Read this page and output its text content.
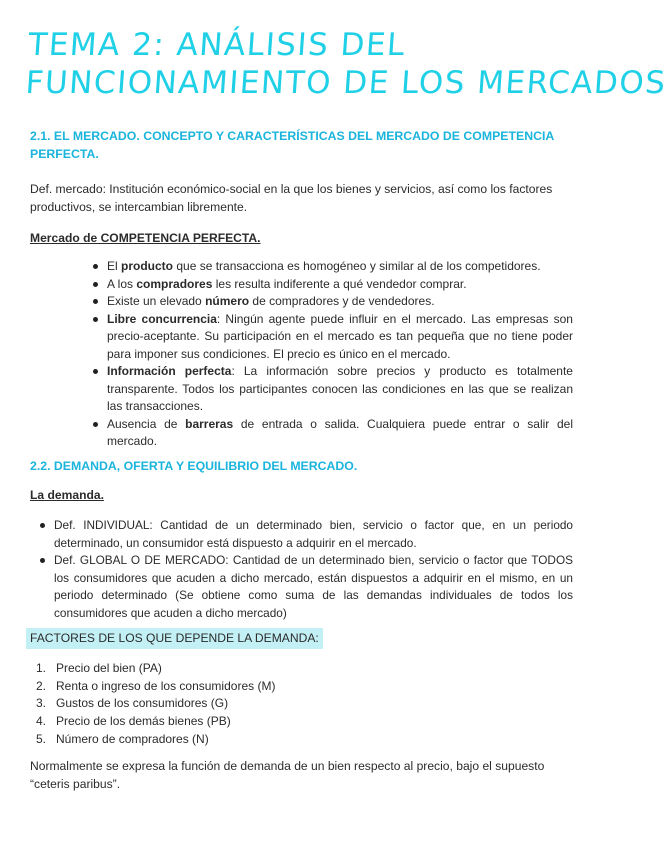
TEMA 2: ANÁLISIS DEL
FUNCIONAMIENTO DE LOS MERCADOS
2.1. EL MERCADO. CONCEPTO Y CARACTERÍSTICAS DEL MERCADO DE COMPETENCIA
PERFECTA.
Def. mercado: Institución económico-social en la que los bienes y servicios, así como los factores productivos, se intercambian libremente.
Mercado de COMPETENCIA PERFECTA.
El producto que se transacciona es homogéneo y similar al de los competidores.
A los compradores les resulta indiferente a qué vendedor comprar.
Existe un elevado número de compradores y de vendedores.
Libre concurrencia: Ningún agente puede influir en el mercado. Las empresas son precio-aceptante. Su participación en el mercado es tan pequeña que no tiene poder para imponer sus condiciones. El precio es único en el mercado.
Información perfecta: La información sobre precios y producto es totalmente transparente. Todos los participantes conocen las condiciones en las que se realizan las transacciones.
Ausencia de barreras de entrada o salida. Cualquiera puede entrar o salir del mercado.
2.2. DEMANDA, OFERTA Y EQUILIBRIO DEL MERCADO.
La demanda.
Def. INDIVIDUAL: Cantidad de un determinado bien, servicio o factor que, en un periodo determinado, un consumidor está dispuesto a adquirir en el mercado.
Def. GLOBAL O DE MERCADO: Cantidad de un determinado bien, servicio o factor que TODOS los consumidores que acuden a dicho mercado, están dispuestos a adquirir en el mismo, en un periodo determinado (Se obtiene como suma de las demandas individuales de todos los consumidores que acuden a dicho mercado)
FACTORES DE LOS QUE DEPENDE LA DEMANDA:
1. Precio del bien (PA)
2. Renta o ingreso de los consumidores (M)
3. Gustos de los consumidores (G)
4. Precio de los demás bienes (PB)
5. Número de compradores (N)
Normalmente se expresa la función de demanda de un bien respecto al precio, bajo el supuesto “ceteris paribus”.
